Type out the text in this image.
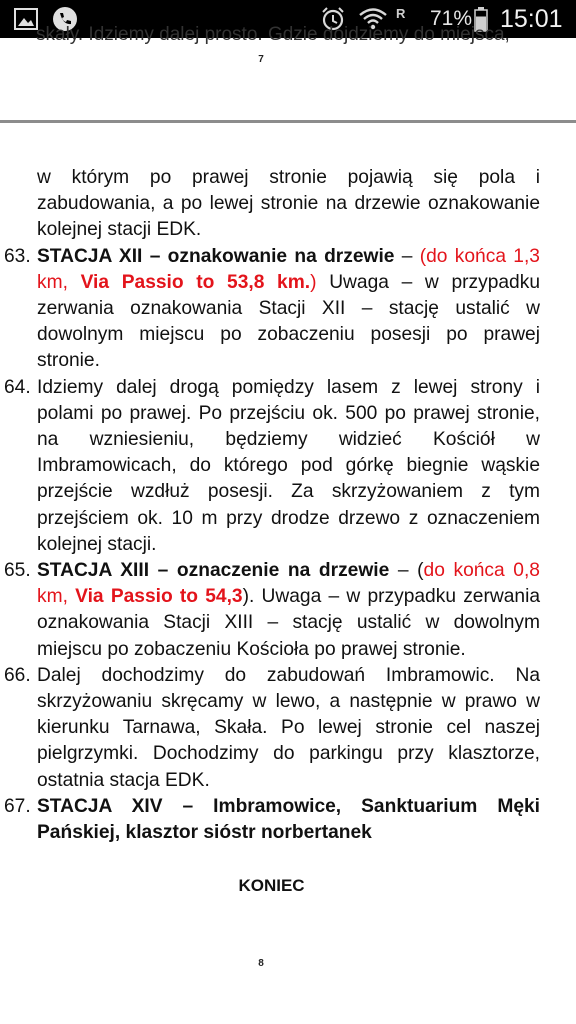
R 71% 15:01
skały. Idziemy dalej prosto. Gdzie dojdziemy do miejsca,
7
w którym po prawej stronie pojawią się pola i zabudowania, a po lewej stronie na drzewie oznakowanie kolejnej stacji EDK.
63. STACJA XII – oznakowanie na drzewie – (do końca 1,3 km, Via Passio to 53,8 km.) Uwaga – w przypadku zerwania oznakowania Stacji XII – stację ustalić w dowolnym miejscu po zobaczeniu posesji po prawej stronie.
64. Idziemy dalej drogą pomiędzy lasem z lewej strony i polami po prawej. Po przejściu ok. 500 po prawej stronie, na wzniesieniu, będziemy widzieć Kościół w Imbramowicach, do którego pod górkę biegnie wąskie przejście wzdłuż posesji. Za skrzyżowaniem z tym przejściem ok. 10 m przy drodze drzewo z oznaczeniem kolejnej stacji.
65. STACJA XIII – oznaczenie na drzewie – (do końca 0,8 km, Via Passio to 54,3). Uwaga – w przypadku zerwania oznakowania Stacji XIII – stację ustalić w dowolnym miejscu po zobaczeniu Kościoła po prawej stronie.
66. Dalej dochodzimy do zabudowań Imbramowic. Na skrzyżowaniu skręcamy w lewo, a następnie w prawo w kierunku Tarnawa, Skała. Po lewej stronie cel naszej pielgrzymki. Dochodzimy do parkingu przy klasztorze, ostatnia stacja EDK.
67. STACJA XIV – Imbramowice, Sanktuarium Męki Pańskiej, klasztor sióstr norbertanek
KONIEC
8
